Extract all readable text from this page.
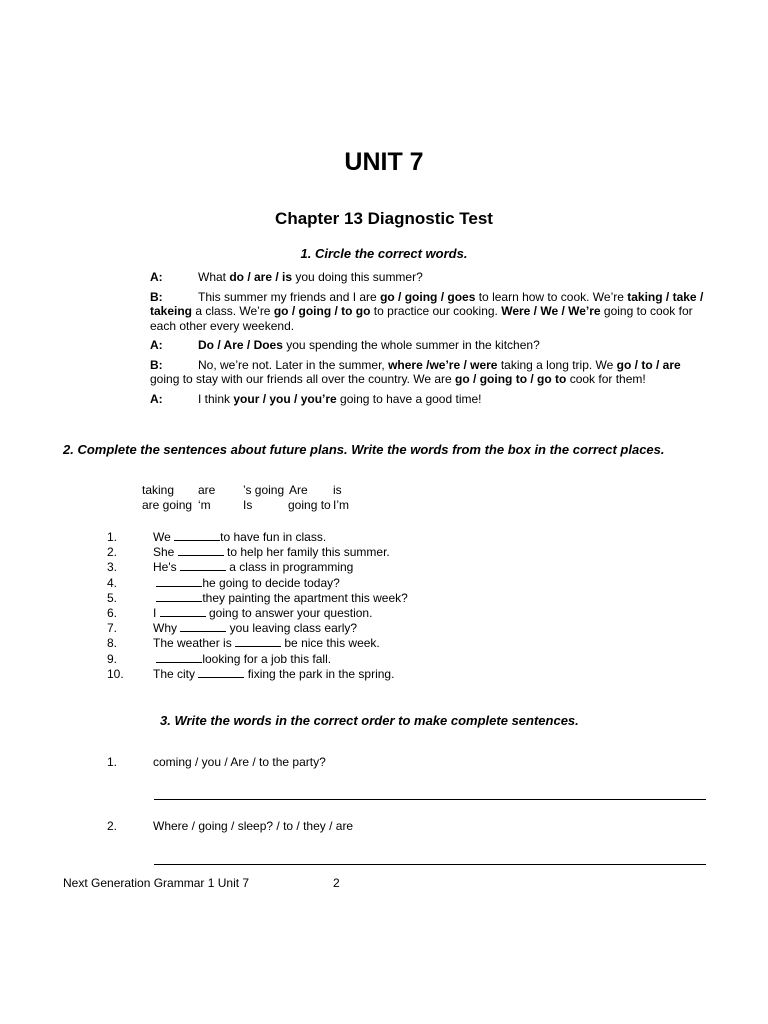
UNIT 7
Chapter 13 Diagnostic Test
1. Circle the correct words.
A:	What do / are / is you doing this summer?
B:	This summer my friends and I are go / going / goes to learn how to cook. We’re taking / take / takeing a class. We’re go / going / to go to practice our cooking. Were / We / We’re going to cook for each other every weekend.
A:	Do / Are / Does you spending the whole summer in the kitchen?
B:	No, we’re not. Later in the summer, where /we’re / were taking a long trip. We go / to / are going to stay with our friends all over the country. We are go / going to / go to cook for them!
A:	I think your / you / you’re going to have a good time!
2. Complete the sentences about future plans. Write the words from the box in the correct places.
taking are ’s going Are is
are going ‘m	Is	going to I’m
1.	We	to have fun in class.
2.	She	to help her family this summer.
3.	He's	a class in programming
4.	he going to decide today?
5.	they painting the apartment this week?
6.	I	going to answer your question.
7.	Why	you leaving class early?
8.	The weather is	be nice this week.
9.	looking for a job this fall.
10. The city	fixing the park in the spring.
3. Write the words in the correct order to make complete sentences.
1.	coming / you / Are / to the party?
2.	Where / going / sleep? / to / they / are
Next Generation Grammar 1 Unit 7	2
